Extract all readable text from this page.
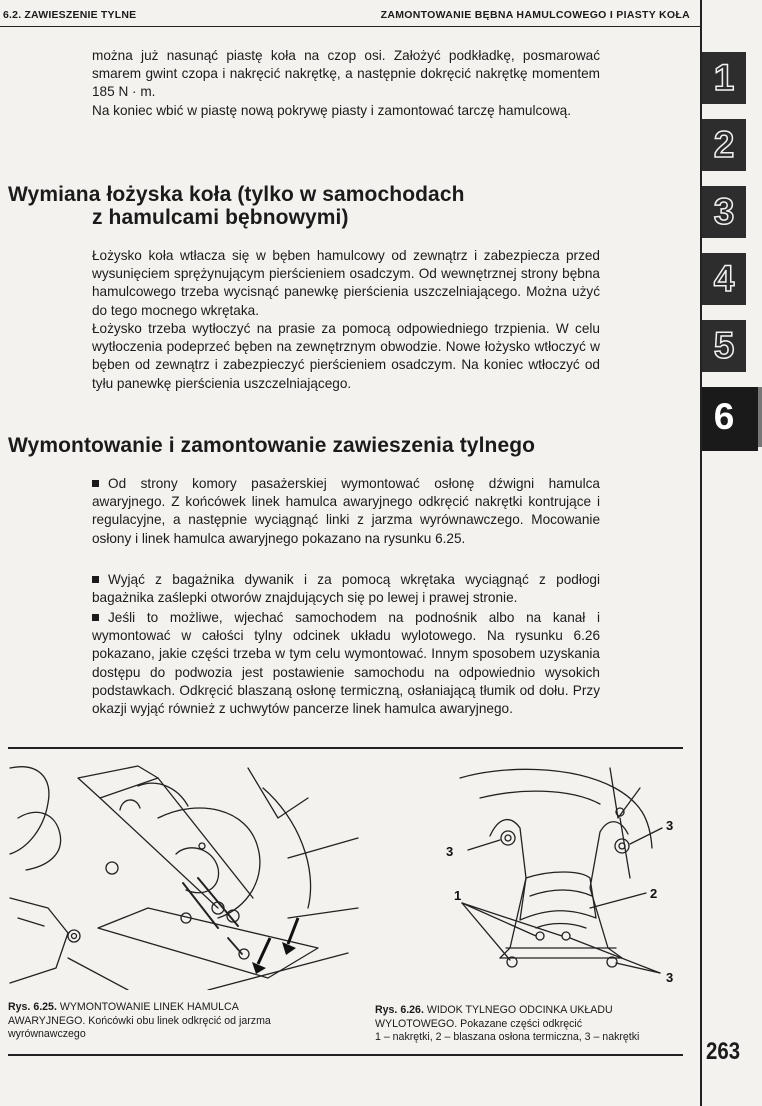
6.2. ZAWIESZENIE TYLNE	ZAMONTOWANIE BĘBNA HAMULCOWEGO I PIASTY KOŁA
1
2
3
4
5
6

można już nasunąć piastę koła na czop osi. Założyć podkładkę, posmarować smarem gwint czopa i nakręcić nakrętkę, a następnie dokręcić nakrętkę momentem 185 N · m.

Na koniec wbić w piastę nową pokrywę piasty i zamontować tarczę hamulcową.

Wymiana łożyska koła (tylko w samochodach
z hamulcami bębnowymi)

Łożysko koła wtłacza się w bęben hamulcowy od zewnątrz i zabezpiecza przed wysunięciem sprężynującym pierścieniem osadczym. Od wewnętrznej strony bębna hamulcowego trzeba wycisnąć panewkę pierścienia uszczelniającego. Można użyć do tego mocnego wkrętaka.

Łożysko trzeba wytłoczyć na prasie za pomocą odpowiedniego trzpienia. W celu wytłoczenia podeprzeć bęben na zewnętrznym obwodzie. Nowe łożysko wtłoczyć w bęben od zewnątrz i zabezpieczyć pierścieniem osadczym. Na koniec wtłoczyć od tyłu panewkę pierścienia uszczelniającego.

Wymontowanie i zamontowanie zawieszenia tylnego

Od strony komory pasażerskiej wymontować osłonę dźwigni hamulca awaryjnego. Z końcówek linek hamulca awaryjnego odkręcić nakrętki kontrujące i regulacyjne, a następnie wyciągnąć linki z jarzma wyrównawczego. Mocowanie osłony i linek hamulca awaryjnego pokazano na rysunku 6.25.

Wyjąć z bagażnika dywanik i za pomocą wkrętaka wyciągnąć z podłogi bagażnika zaślepki otworów znajdujących się po lewej i prawej stronie.

Jeśli to możliwe, wjechać samochodem na podnośnik albo na kanał i wymontować w całości tylny odcinek układu wylotowego. Na rysunku 6.26 pokazano, jakie części trzeba w tym celu wymontować. Innym sposobem uzyskania dostępu do podwozia jest postawienie samochodu na odpowiednio wysokich podstawkach. Odkręcić blaszaną osłonę termiczną, osłaniającą tłumik od dołu. Przy okazji wyjąć również z uchwytów pancerze linek hamulca awaryjnego.

3
3
1	2
3
Rys. 6.25. WYMONTOWANIE LINEK HAMULCA
AWARYJNEGO. Końcówki obu linek odkręcić od jarzma
wyrównawczego
Rys. 6.26. WIDOK TYLNEGO ODCINKA UKŁADU
WYLOTOWEGO. Pokazane części odkręcić
1 – nakrętki, 2 – blaszana osłona termiczna, 3 – nakrętki
263
